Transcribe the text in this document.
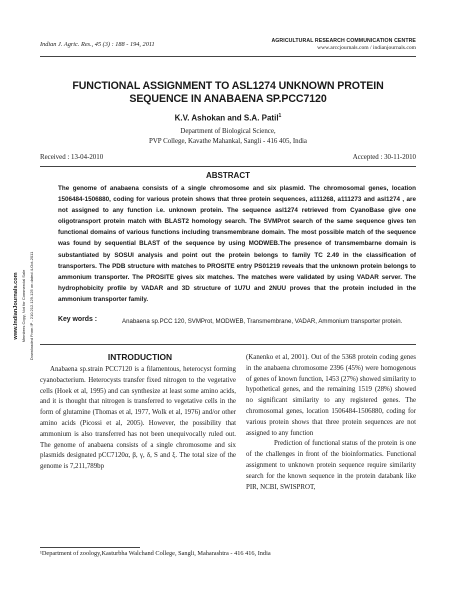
Indian J. Agric. Res., 45 (3) : 188 - 194, 2011	AGRICULTURAL RESEARCH COMMUNICATION CENTRE
www.arccjournals.com / indianjournals.com
FUNCTIONAL ASSIGNMENT TO ASL1274 UNKNOWN PROTEIN
SEQUENCE IN ANABAENA SP.PCC7120
K.V. Ashokan and S.A. Patil$^1$
Department of Biological Science,
PVP College, Kavathe Mahankal, Sangli - 416 405, India
Received : 13-04-2010	Accepted : 30-11-2010
ABSTRACT
The genome of anabaena consists of a single chromosome and six plasmid. The chromosomal genes, location 1506484-1506880, coding for various protein shows that three protein sequences, a111268, a111273 and asl1274 , are not assigned to any function i.e. unknown protein. The sequence asl1274 retrieved from CyanoBase give one oligotransport protein match with BLAST2 homology search. The SVMProt search of the same sequence gives ten functional domains of various functions including transmembrane domain. The most possible match of the sequence was found by sequential BLAST of the sequence by using MODWEB.The presence of transmembarne domain is substantiated by SOSUI analysis and point out the protein belongs to family TC 2.49 in the classification of transporters. The PDB structure with matches to PROSITE entry PS01219 reveals that the unknown protein belongs to ammonium transporter. The PROSITE gives six matches. The matches were validated by using VADAR server. The hydrophobicity profile by VADAR and 3D structure of 1U7U and 2NUU proves that the protein included in the ammonium transporter family.
Key words :	Anabaena sp.PCC 120, SVMProt, MODWEB, Transmembrane, VADAR, Ammonium transporter protein.
INTRODUCTION
Anabaena sp.strain PCC7120 is a filamentous, heterocyst forming cyanobacterium. Heterocysts transfer fixed nitrogen to the vegetative cells (Hoek et al, 1995) and can synthesize at least some amino acids, and it is thought that nitrogen is transferred to vegetative cells in the form of glutamine (Thomas et al, 1977, Wolk et al, 1976) and/or other amino acids (Picossi et al, 2005). However, the possibility that ammonium is also transferred has not been unequivocally ruled out. The genome of anabaena consists of a single chromosome and six plasmids designated pCC7120α, β, γ, δ, S and ξ. The total size of the genome is 7,211,789bp

(Kanenko et al, 2001). Out of the 5368 protein coding genes in the anabaena chromosome 2396 (45%) were homogenous of genes of known function, 1453 (27%) showed similarity to hypothetical genes, and the remaining 1519 (28%) showed no significant similarity to any registered genes. The chromosomal genes, location 1506484-1506880, coding for various protein shows that three protein sequences are not assigned to any function

Prediction of functional status of the protein is one of the challenges in front of the bioinformatics. Functional assignment to unknown protein sequence require similarity search for the known sequence in the protein databank like PIR, NCBI, SWISPROT,

¹Department of zoology,Kasturbha Walchand College, Sangli, Maharashtra - 416 416, India
www.IndianJournals.com Members Copy, Not for Commercial Sale Downloaded From IP - 210.212.129.125 on dated 4-Oct-2011
